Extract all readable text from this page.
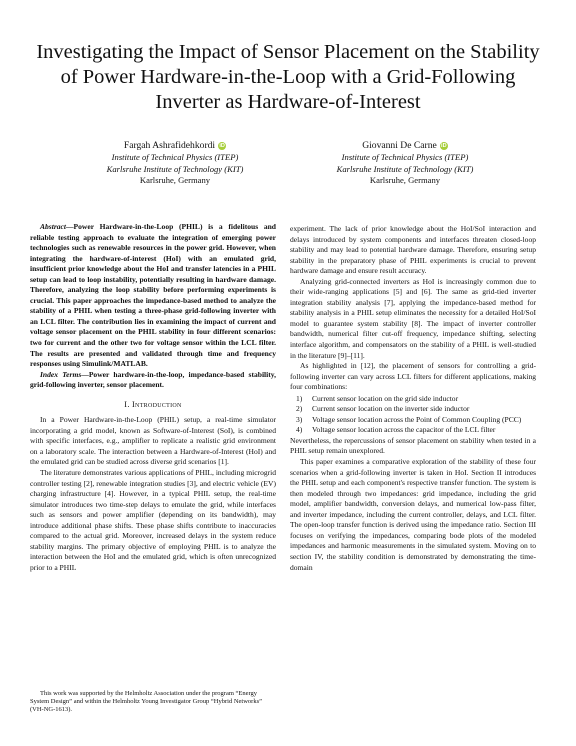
Investigating the Impact of Sensor Placement on the Stability of Power Hardware-in-the-Loop with a Grid-Following Inverter as Hardware-of-Interest
Fargah Ashrafidehkordi iD
Institute of Technical Physics (ITEP)
Karlsruhe Institute of Technology (KIT)
Karlsruhe, Germany
Giovanni De Carne iD
Institute of Technical Physics (ITEP)
Karlsruhe Institute of Technology (KIT)
Karlsruhe, Germany

Abstract—Power Hardware-in-the-Loop (PHIL) is a fidelitous and reliable testing approach to evaluate the integration of emerging power technologies such as renewable resources in the power grid. However, when integrating the hardware-of-interest (HoI) with an emulated grid, insufficient prior knowledge about the HoI and transfer latencies in a PHIL setup can lead to loop instability, potentially resulting in hardware damage. Therefore, analyzing the loop stability before performing experiments is crucial. This paper approaches the impedance-based method to analyze the stability of a PHIL when testing a three-phase grid-following inverter with an LCL filter. The contribution lies in examining the impact of current and voltage sensor placement on the PHIL stability in four different scenarios: two for current and the other two for voltage sensor within the LCL filter. The results are presented and validated through time and frequency responses using Simulink/MATLAB.

Index Terms—Power hardware-in-the-loop, impedance-based stability, grid-following inverter, sensor placement.

I. Introduction

In a Power Hardware-in-the-Loop (PHIL) setup, a real-time simulator incorporating a grid model, known as Software-of-Interest (SoI), is combined with specific interfaces, e.g., amplifier to replicate a realistic grid environment on a laboratory scale. The interaction between a Hardware-of-Interest (HoI) and the emulated grid can be studied across diverse grid scenarios [1].

The literature demonstrates various applications of PHIL, including microgrid controller testing [2], renewable integration studies [3], and electric vehicle (EV) charging infrastructure [4]. However, in a typical PHIL setup, the real-time simulator introduces two time-step delays to emulate the grid, while interfaces such as sensors and power amplifier (depending on its bandwidth), may introduce additional phase shifts. These phase shifts contribute to inaccuracies compared to the actual grid. Moreover, increased delays in the system reduce stability margins. The primary objective of employing PHIL is to analyze the interaction between the HoI and the emulated grid, which is often unrecognized prior to a PHIL

experiment. The lack of prior knowledge about the HoI/SoI interaction and delays introduced by system components and interfaces threaten closed-loop stability and may lead to potential hardware damage. Therefore, ensuring setup stability in the preparatory phase of PHIL experiments is crucial to prevent hardware damage and ensure result accuracy.

Analyzing grid-connected inverters as HoI is increasingly common due to their wide-ranging applications [5] and [6]. The same as grid-tied inverter integration stability analysis [7], applying the impedance-based method for stability analysis in a PHIL setup eliminates the necessity for a detailed HoI/SoI model to guarantee system stability [8]. The impact of inverter controller bandwidth, numerical filter cut-off frequency, impedance shifting, selecting interface algorithm, and compensators on the stability of a PHIL is well-studied in the literature [9]–[11].

As highlighted in [12], the placement of sensors for controlling a grid-following inverter can vary across LCL filters for different applications, making four combinations:

1) Current sensor location on the grid side inductor
2) Current sensor location on the inverter side inductor
3) Voltage sensor location across the Point of Common Coupling (PCC)
4) Voltage sensor location across the capacitor of the LCL filter

Nevertheless, the repercussions of sensor placement on stability when tested in a PHIL setup remain unexplored.

This paper examines a comparative exploration of the stability of these four scenarios when a grid-following inverter is taken in HoI. Section II introduces the PHIL setup and each component's respective transfer function. The system is then modeled through two impedances: grid impedance, including the grid model, amplifier bandwidth, conversion delays, and numerical low-pass filter, and inverter impedance, including the current controller, delays, and LCL filter. The open-loop transfer function is derived using the impedance ratio. Section III focuses on verifying the impedances, comparing bode plots of the modeled impedances and harmonic measurements in the simulated system. Moving on to section IV, the stability condition is demonstrated by demonstrating the time-domain

This work was supported by the Helmholtz Association under the program “Energy System Design” and within the Helmholtz Young Investigator Group “Hybrid Networks” (VH-NG-1613).
